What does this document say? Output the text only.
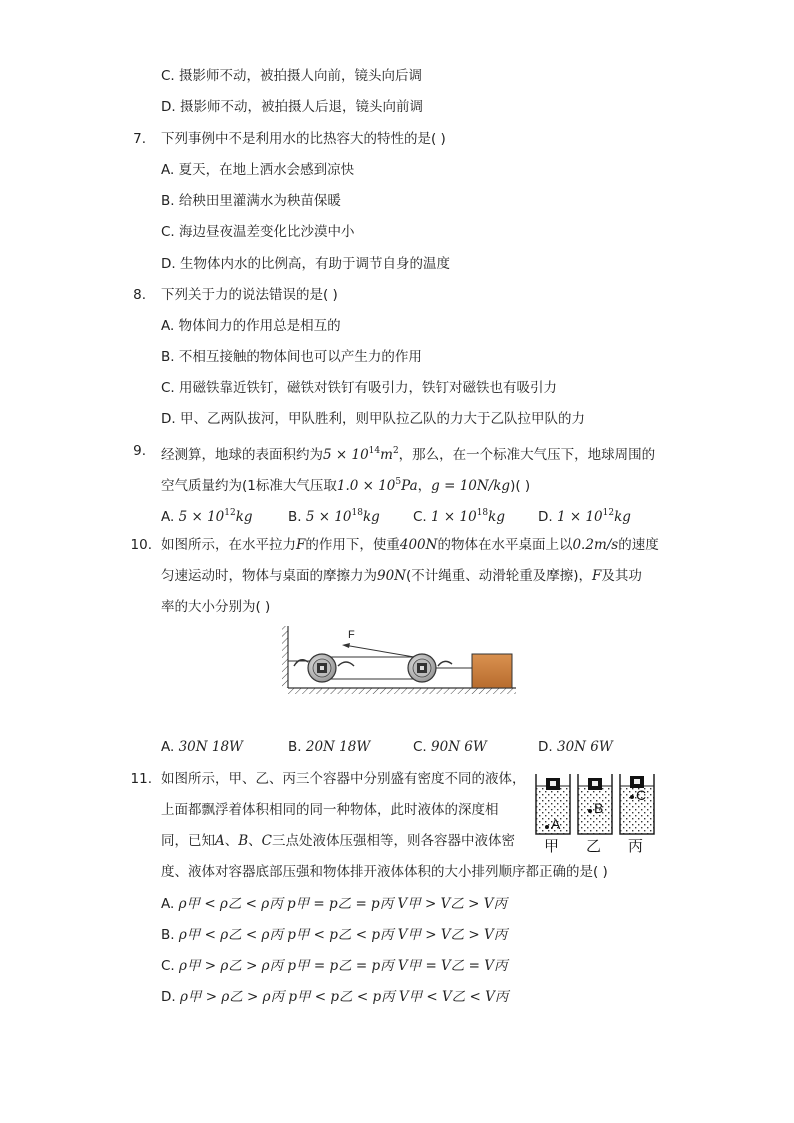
C. 摄影师不动，被拍摄人向前，镜头向后调
D. 摄影师不动，被拍摄人后退，镜头向前调
7. 下列事例中不是利用水的比热容大的特性的是( )
A. 夏天，在地上洒水会感到凉快
B. 给秧田里灌满水为秧苗保暖
C. 海边昼夜温差变化比沙漠中小
D. 生物体内水的比例高，有助于调节自身的温度
8. 下列关于力的说法错误的是( )
A. 物体间力的作用总是相互的
B. 不相互接触的物体间也可以产生力的作用
C. 用磁铁靠近铁钉，磁铁对铁钉有吸引力，铁钉对磁铁也有吸引力
D. 甲、乙两队拔河，甲队胜利，则甲队拉乙队的力大于乙队拉甲队的力
9. 经测算，地球的表面积约为$5 \times 10^{14}m^2$，那么，在一个标准大气压下，地球周围的
空气质量约为(1标准大气压取$1.0 \times 10^5Pa$，g = 10N/kg)( )
A. $5 \times 10^{12}kg$	B. $5 \times 10^{18}kg$ C. $1 \times 10^{18}kg$ D. $1 \times 10^{12}kg$
10. 如图所示，在水平拉力F的作用下，使重400N的物体在水平桌面上以0.2m/s的速度
匀速运动时，物体与桌面的摩擦力为90N(不计绳重、动滑轮重及摩擦)，F及其功
率的大小分别为( )
F
A. 30N 18W	B. 20N 18W	C. 90N 6W	D. 30N 6W
11. 如图所示，甲、乙、丙三个容器中分别盛有密度不同的液体，
上面都飘浮着体积相同的同一种物体，此时液体的深度相
同，已知A、B、C三点处液体压强相等，则各容器中液体密
度、液体对容器底部压强和物体排开液体体积的大小排列顺序都正确的是( )
A
甲
B
乙
C
丙
A. ρ甲 < ρ乙 < ρ丙 p甲 = p乙 = p丙 V甲 > V乙 > V丙
B. ρ甲 < ρ乙 < ρ丙 p甲 < p乙 < p丙 V甲 > V乙 > V丙
C. ρ甲 > ρ乙 > ρ丙 p甲 = p乙 = p丙 V甲 = V乙 = V丙
D. ρ甲 > ρ乙 > ρ丙 p甲 < p乙 < p丙 V甲 < V乙 < V丙
